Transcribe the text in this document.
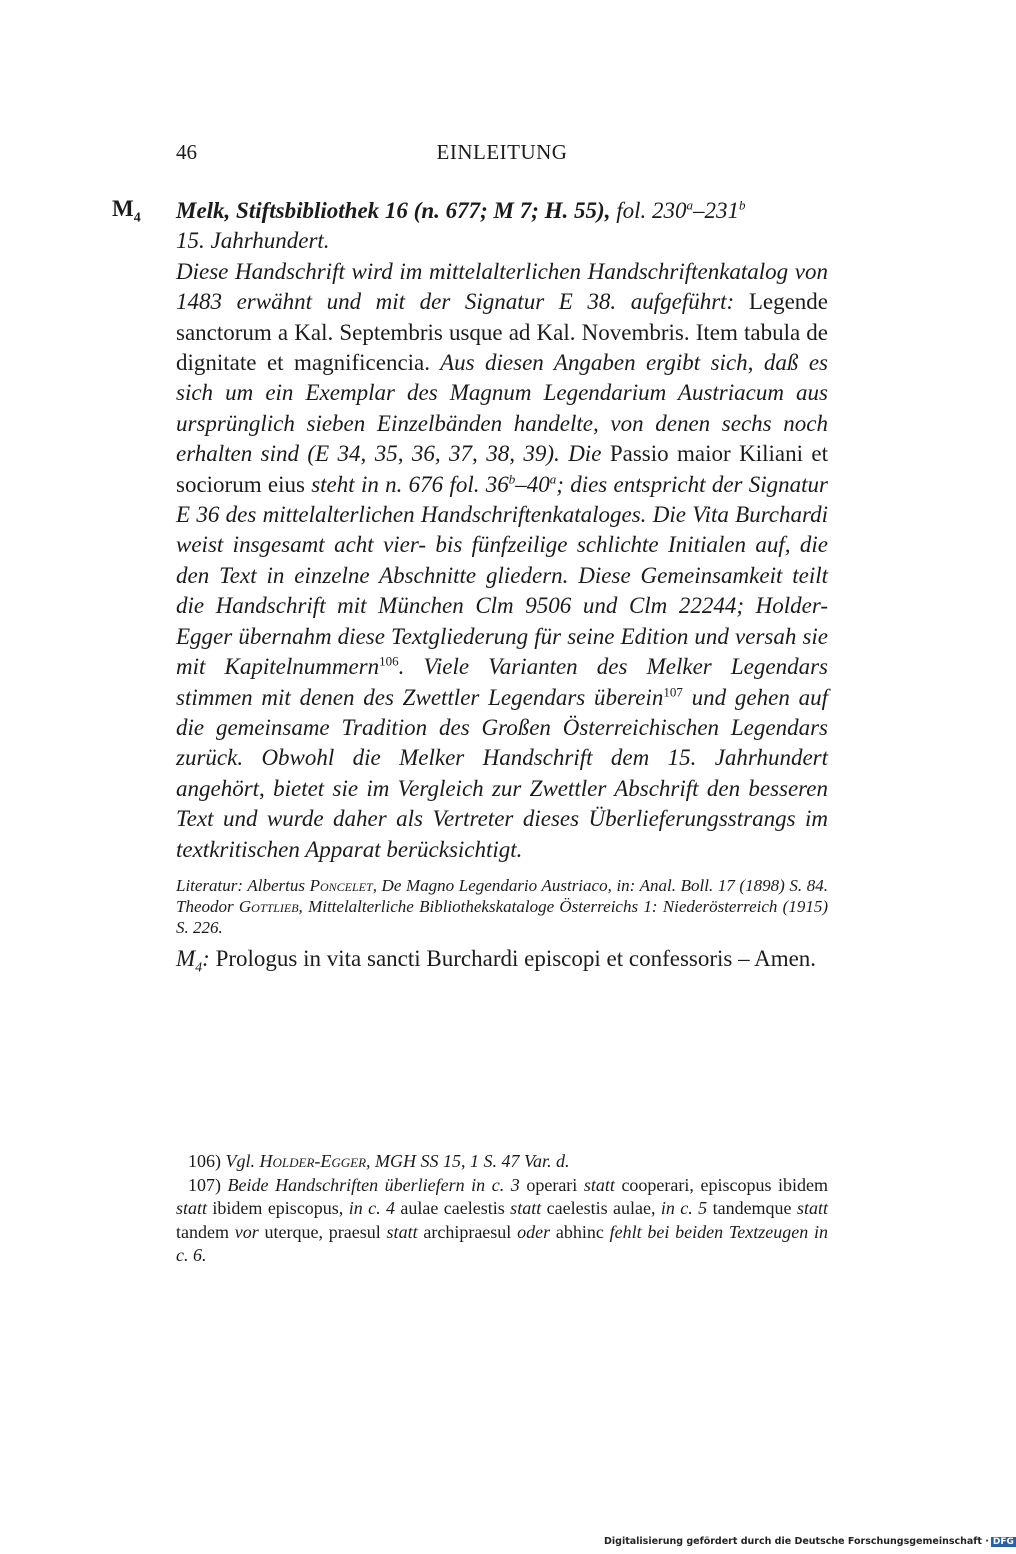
46	EINLEITUNG
$M_4$ Melk, Stiftsbibliothek 16 (n. 677; M 7; H. 55), fol. 230$^a$–231$^b$

15. Jahrhundert.

Diese Handschrift wird im mittelalterlichen Handschriftenkatalog von 1483 erwähnt und mit der Signatur E 38. aufgeführt: Legende sanctorum a Kal. Septembris usque ad Kal. Novembris. Item tabula de dignitate et magnificencia. Aus diesen Angaben ergibt sich, daß es sich um ein Exemplar des Magnum Legendarium Austriacum aus ursprünglich sieben Einzelbänden handelte, von denen sechs noch erhalten sind (E 34, 35, 36, 37, 38, 39). Die Passio maior Kiliani et sociorum eius steht in n. 676 fol. 36$^b$–40$^a$; dies entspricht der Signatur E 36 des mittelalterlichen Handschriftenkataloges. Die Vita Burchardi weist insgesamt acht vier- bis fünfzeilige schlichte Initialen auf, die den Text in einzelne Abschnitte gliedern. Diese Gemeinsamkeit teilt die Handschrift mit München Clm 9506 und Clm 22244; Holder-Egger übernahm diese Textgliederung für seine Edition und versah sie mit Kapitelnummern$^{106}$. Viele Varianten des Melker Legendars stimmen mit denen des Zwettler Legendars überein$^{107}$ und gehen auf die gemeinsame Tradition des Großen Österreichischen Legendars zurück. Obwohl die Melker Handschrift dem 15. Jahrhundert angehört, bietet sie im Vergleich zur Zwettler Abschrift den besseren Text und wurde daher als Vertreter dieses Überlieferungsstrangs im textkritischen Apparat berücksichtigt.

Literatur: Albertus Poncelet, De Magno Legendario Austriaco, in: Anal. Boll. 17 (1898) S. 84. Theodor Gottlieb, Mittelalterliche Bibliothekskataloge Österreichs 1: Niederösterreich (1915) S. 226.

$M_4$: Prologus in vita sancti Burchardi episcopi et confessoris – Amen.

106) Vgl. Holder-Egger, MGH SS 15, 1 S. 47 Var. d.

107) Beide Handschriften überliefern in c. 3 operari statt cooperari, episcopus ibidem statt ibidem episcopus, in c. 4 aulae caelestis statt caelestis aulae, in c. 5 tandemque statt tandem vor uterque, praesul statt archipraesul oder abhinc fehlt bei beiden Textzeugen in c. 6.

Digitalisierung gefördert durch die Deutsche Forschungsgemeinschaft · DFG
